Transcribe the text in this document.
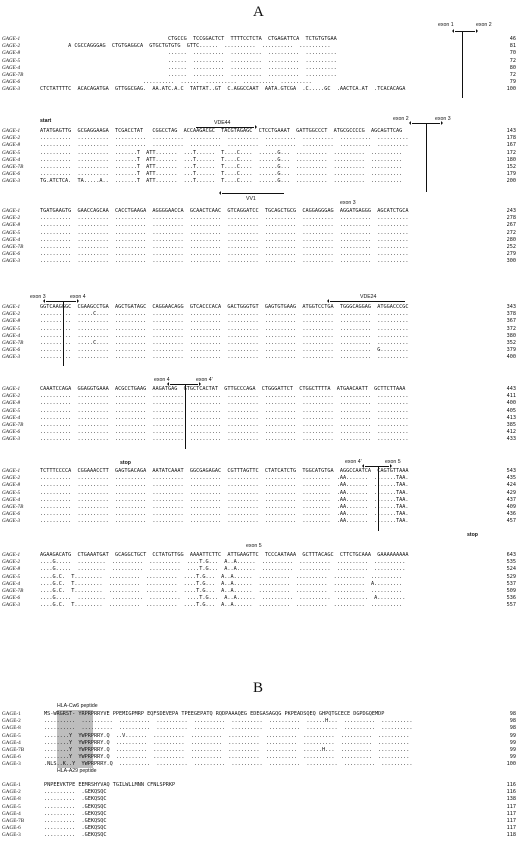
A
GAGE-1	CTGCCG  TCCGGACTCT  TTTTCCTCTA  CTGAGATTCA  TCTGTGTGAA	46
GAGE-2	A CGCCAGGGAG  CTGTGAGGCA  GTGCTGTGTG  GTTC......  ..........  ..........  ..........	81
GAGE-8	......  ..........  ..........  ..........  ..........	70
GAGE-5	......  ..........  ..........  ..........  ..........	72
GAGE-4	......  ..........  ..........  ..........  ..........	80
GAGE-7B	......  ..........  ..........  ..........  ..........	72
GAGE-6	..........  ......  ..........  ..........  ..........	79
GAGE-3	CTCTATTTTC  ACACAGATGA  GTTGGCGAG.  AA.ATC.A.C  TATTAT..GT  C.AGGCCAAT  AATA.GTCGA  .C.....GC  .AACTCA.AT  .TCACACAGA	100
GAGE-1	ATATGAGTTG  GCGAGGAAGA  TCGACCTAT   CGGCCTAG  ACCAAGACGC  TACGTAGAGC  CTCCTGAAAT  GATTGGCCCT  ATGCGCCCCG  AGCAGTTCAG	143
GAGE-2	..........  ..........  ..........  ..........  ..........  ..........  ..........  ..........  ..........  ..........	178
GAGE-8	..........  ..........  ..........  ..........  ..........  ..........  ..........  ..........  ..........  ..........	167
GAGE-5	..........  ..........  .......T  ATT.......  ...T......  T....C....  ......G...  ..........  ..........  ..........	172
GAGE-4	..........  ..........  .......T  ATT.......  ...T......  T....C....  ......G...  ..........  ..........  ..........	180
GAGE-7B	..........  ..........  .......T  ATT.......  ...T......  T....C....  ......G...  ..........  ..........  ..........	152
GAGE-6	..........  ..........  .......T  ATT.......  ...T......  T....C....  ......G...  ..........  ..........  ..........	179
GAGE-3	TG.ATCTCA.  TA.....A..  .......T  ATT.......  ...T......  T....C....  ......G...  ..........  ..........  ..........	200
GAGE-1	TGATGAAGTG  GAACCAGCAA  CACCTGAAGA  AGGGGAACCA  GCAACTCAAC  GTCAGGATCC  TGCAGCTGCG  CAGGAGGGAG  AGGATGAGGG  AGCATCTGCA	243
GAGE-2	..........  ..........  ..........  ..........  ..........  ..........  ..........  ..........  ..........  ..........	278
GAGE-8	..........  ..........  ..........  ..........  ..........  ..........  ..........  ..........  ..........  ..........	267
GAGE-5	..........  ..........  ..........  ..........  ..........  ..........  ..........  ..........  ..........  ..........	272
GAGE-4	..........  ..........  ..........  ..........  ..........  ..........  ..........  ..........  ..........  ..........	280
GAGE-7B	..........  ..........  ..........  ..........  ..........  ..........  ..........  ..........  ..........  ..........	252
GAGE-6	..........  ..........  ..........  ..........  ..........  ..........  ..........  ..........  ..........  ..........	279
GAGE-3	..........  ..........  ..........  ..........  ..........  ..........  ..........  ..........  ..........  ..........	300
GAGE-1	GGTCAAGGGC  CGAAGCCTGA  AGCTGATAGC  CAGGAACAGG  GTCACCCACA  GACTGGGTGT  GAGTGTGAAG  ATGGTCCTGA  TGGGCAGGAG  ATGGACCCGC	343
GAGE-2	..........  .....C....  ..........  ..........  ..........  ..........  ..........  ..........  ..........  ..........	378
GAGE-8	..........  ..........  ..........  ..........  ..........  ..........  ..........  ..........  ..........  ..........	367
GAGE-5	..........  ..........  ..........  ..........  ..........  ..........  ..........  ..........  ..........  ..........	372
GAGE-4	..........  ..........  ..........  ..........  ..........  ..........  ..........  ..........  ..........  ..........	380
GAGE-7B	..........  .....C....  ..........  ..........  ..........  ..........  ..........  ..........  ..........  ..........	352
GAGE-6	..........  ..........  ..........  ..........  ..........  ..........  ..........  ..........  ..........  G.........	379
GAGE-3	..........  ..........  ..........  ..........  ..........  ..........  ..........  ..........  ..........  ..........	400
GAGE-1	CAAATCCAGA  GGAGGTGAAA  ACGCCTGAAG  AAGATGAG  GTGCTCACTAT  GTTGCCCAGA  CTGGGATTCT  CTGGCTTTTA  ATGAACAATT  GCTTCTTAAA	443
GAGE-2	..........  ..........  ..........  ..........  ..........  ..........  ..........  ..........  ..........  ..........	411
GAGE-8	..........  ..........  ..........  ..........  ..........  ..........  ..........  ..........  ..........  ..........	400
GAGE-5	..........  ..........  ..........  ..........  ..........  ..........  ..........  ..........  ..........  ..........	405
GAGE-4	..........  ..........  ..........  ..........  ..........  ..........  ..........  ..........  ..........  ..........	413
GAGE-7B	..........  ..........  ..........  ..........  ..........  ..........  ..........  ..........  ..........  ..........	385
GAGE-6	..........  ..........  ..........  ..........  ..........  ..........  ..........  ..........  ..........  ..........	412
GAGE-3	..........  ..........  ..........  ..........  ..........  ..........  ..........  ..........  ..........  ..........	433
GAGE-1	TCTTTCCCCA  CGGAAACCTT  GAGTGACAGA  AATATCAAAT  GGCGAGAGAC  CGTTTAGTTC  CTATCATCTG  TGGCATGTGA  AGGCCAATCA  CAGTGTTAAA	543
GAGE-2	..........  ..........  ..........  ..........  ..........  ..........  ..........  .........  .AA.......  .......TAA.	435
GAGE-8	..........  ..........  ..........  ..........  ..........  ..........  ..........  .........  .AA.......  .......TAA.	424
GAGE-5	..........  ..........  ..........  ..........  ..........  ..........  ..........  .........  .AA.......  .......TAA.	429
GAGE-4	..........  ..........  ..........  ..........  ..........  ..........  ..........  .........  .AA.......  .......TAA.	437
GAGE-7B	..........  ..........  ..........  ..........  ..........  ..........  ..........  .........  .AA.......  .......TAA.	409
GAGE-6	..........  ..........  ..........  ..........  ..........  ..........  ..........  .........  .AA.......  .......TAA.	436
GAGE-3	..........  ..........  ..........  ..........  ..........  ..........  ..........  .........  .AA.......  .......TAA.	457
GAGE-1	AGAAGACATG  CTGAAATGAT  GCAGGCTGCT  CCTATGTTGG  AAAATTCTTC  ATTGAAGTTC  TCCCAATAAA  GCTTTACAGC  CTTCTGCAAA  GAAAAAAAAA	643
GAGE-2	....G.....  .........  ..........  ..........  ....T.G...  A..A......  ..........  ..........  ..........  ..........	535
GAGE-8	....G.....  .........  ..........  ..........  ....T.G...  A..A......  ..........  ..........  ..........  ..........	524
GAGE-5	....G.C.  T.........  ..........  ..........  ....T.G...  A..A......  ..........  ..........  ..........  ..........	529
GAGE-4	....G.C.  T.........  ..........  ..........  ....T.G...  A..A......  ..........  ..........  ..........  A.........	537
GAGE-7B	....G.C.  T.........  ..........  ..........  ....T.G...  A..A......  ..........  ..........  ..........  ..........	509
GAGE-6	....G.....  .........  ..........  ..........  ....T.G...  A..A......  ..........  ..........  ..........  A.........	536
GAGE-3	....G.C.  T.........  ..........  ..........  ....T.G...  A..A......  ..........  ..........  ..........  ..........	557
exon 1	exon 2
start	VDE44
VV1
exon 2	exon 3
exon 3
exon 3	exon 4	VDE24
exon 4	exon 4'
stop	exon 4'	exon 5
stop
exon 5
B
HLA-Cw6 peptide
HLA-A29 peptide
GAGE-1	MS-WRGRST- YRPRPRRYVE PPEMIGPMRP EQFSDEVEPA TPEEGEPATQ RQDPAAAQEG EDEGASAGQG PKPEADSQEQ GHPQTGCECE DGPDGQEMDP	98
GAGE-2	..........  ..........  ..........  ..........  ..........  ..........  ..........  ......H...  ..........  ..........	98
GAGE-8	..........  ..........  ..........  ..........  ..........  ..........  ..........  ..........  ..........  ..........	98
GAGE-5	........Y  YWPRPRRY.Q  ..V.......  ..........  ..........  ..........  ..........  ..........  ..........  ..........	99
GAGE-4	........Y  YWPRPRRY.Q  ..........  ..........  ..........  ..........  ..........  ..........  ..........  ..........	99
GAGE-7B	........Y  YWPRPRRY.Q  ..........  ..........  ..........  ..........  ..........  ......H...  ..........  ..........	99
GAGE-6	........Y  YWPRPRRY.Q  ..........  ..........  ..........  ..........  ..........  ..........  ..........  ..........	99
GAGE-3	.NLS..K..Y  YWPRPRRY.Q  ..........  ..........  ..........  ..........  ..........  ..........  ..........  ..........	100
GAGE-1	PNPEEVKTPE EEMRSHYVAQ TGILWLLMNN CFNLSPRKP	116
GAGE-2	..........  .GEKQSQC	116
GAGE-8	..........  .GEKQSQC	138
GAGE-5	..........  .GEKQSQC	117
GAGE-4	..........  .GEKQSQC	117
GAGE-7B	..........  .GEKQSQC	117
GAGE-6	..........  .GEKQSQC	117
GAGE-3	..........  .GEKQSQC	118
